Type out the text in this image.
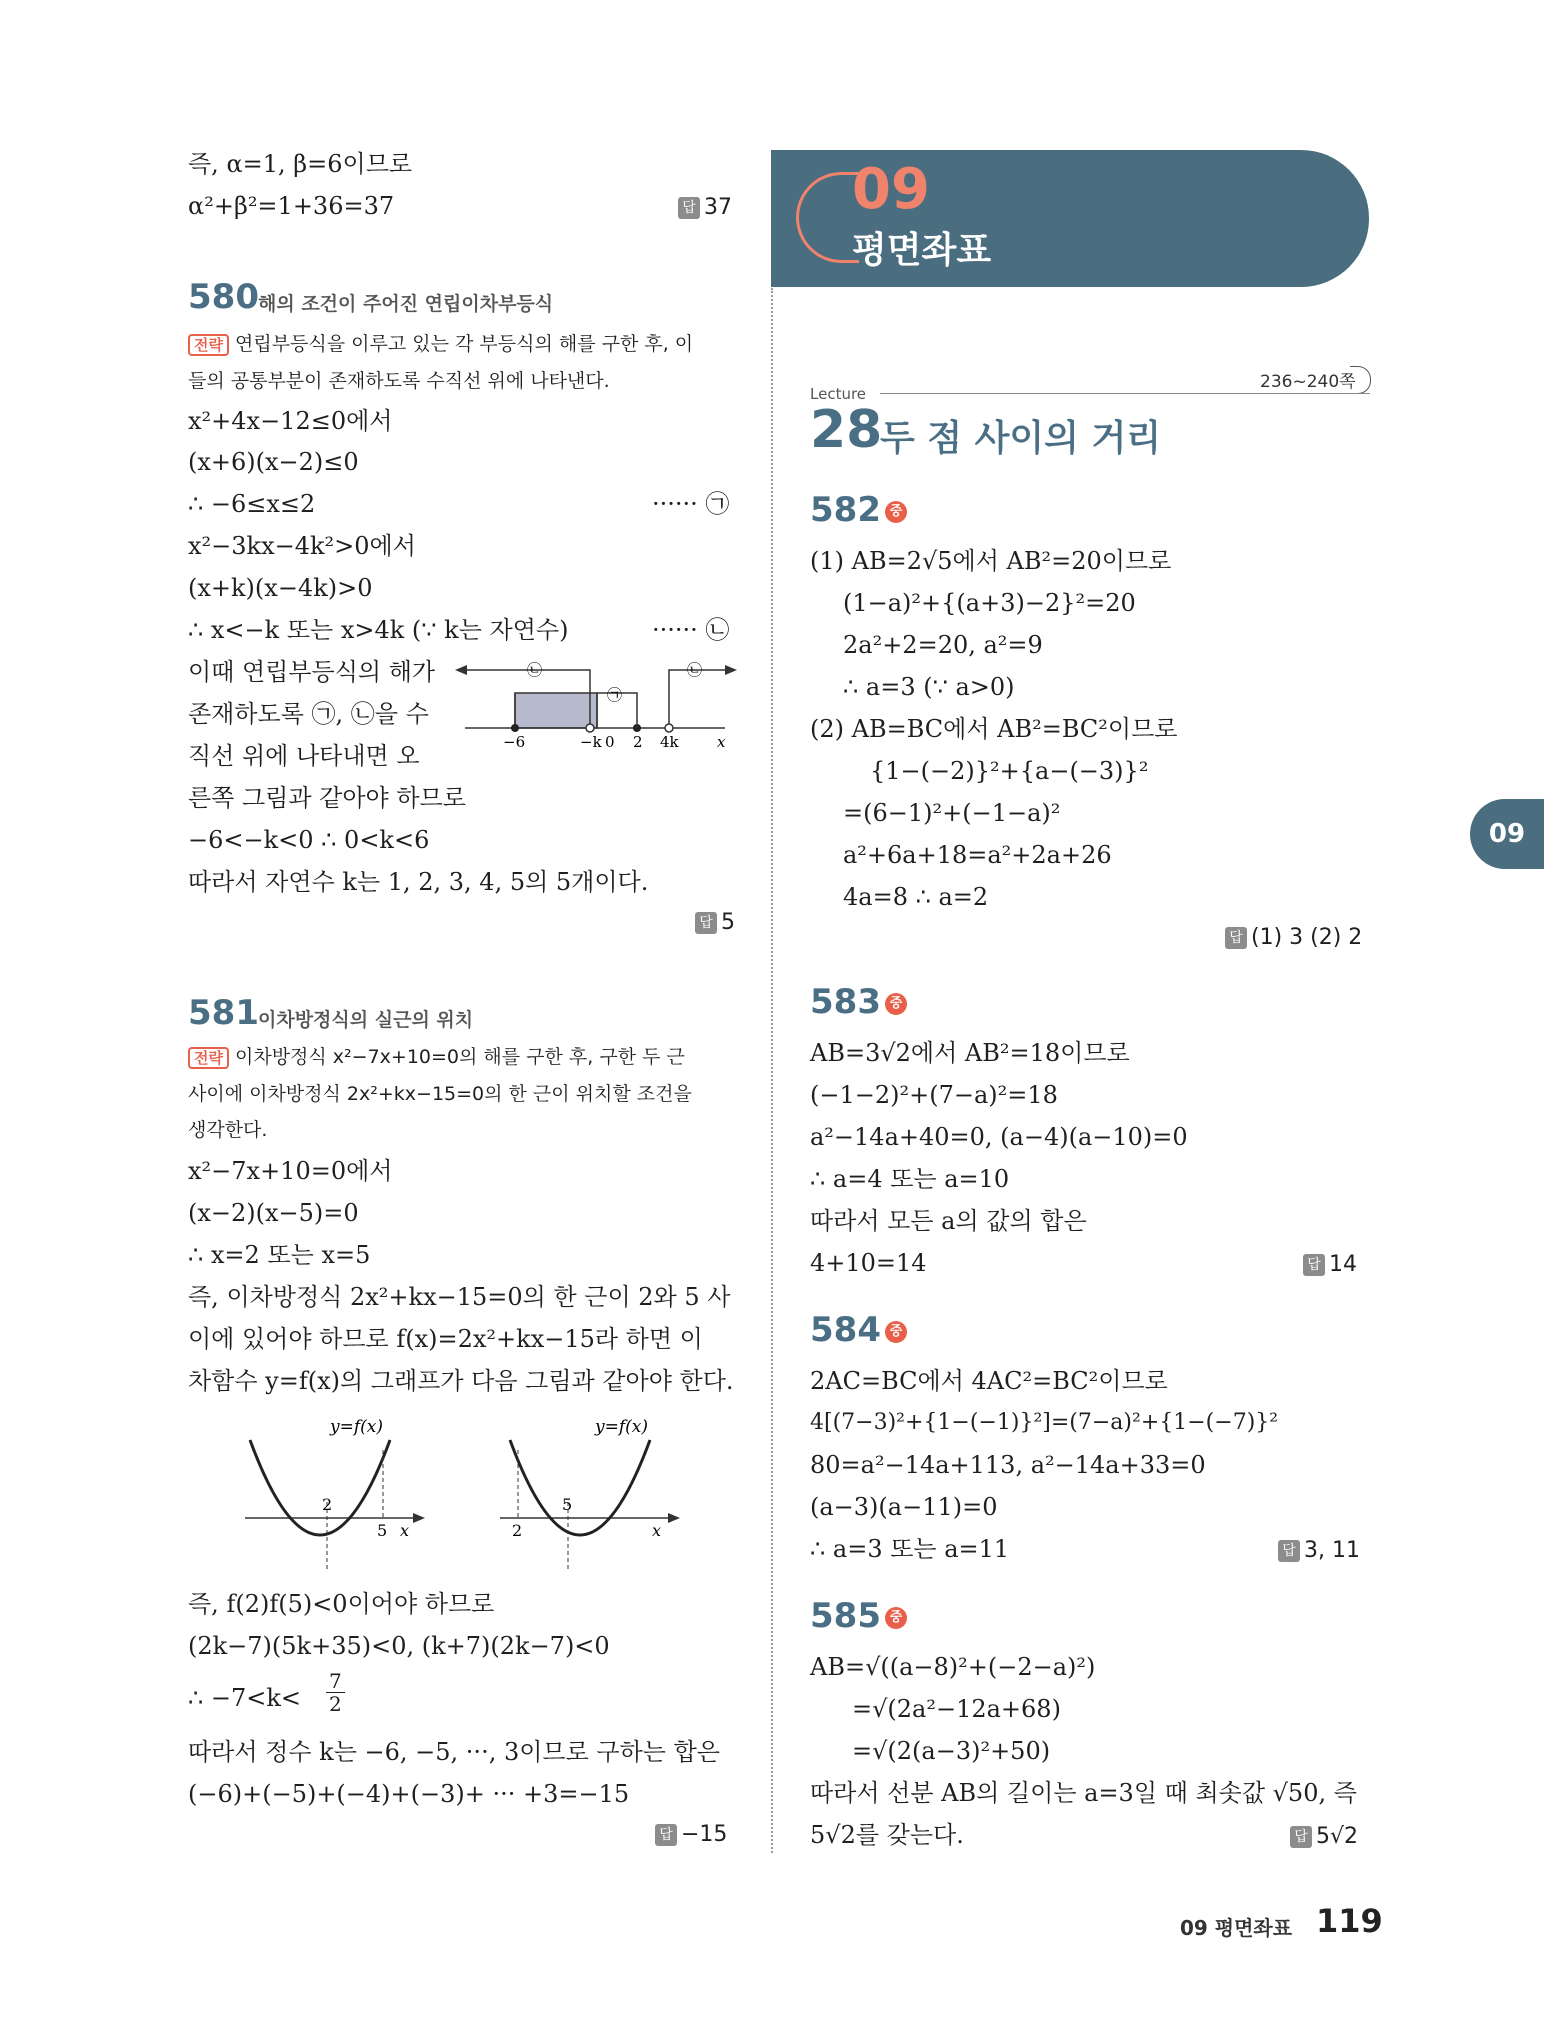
즉, α=1, β=6이므로
α²+β²=1+36=37	답 37
580 해의 조건이 주어진 연립이차부등식
전략 연립부등식을 이루고 있는 각 부등식의 해를 구한 후, 이
들의 공통부분이 존재하도록 수직선 위에 나타낸다.
x²+4x−12≤0에서
(x+6)(x−2)≤0
∴ −6≤x≤2	······ ㉠
x²−3kx−4k²>0에서
(x+k)(x−4k)>0
∴ x<−k 또는 x>4k (∵ k는 자연수)	······ ㉡
이때 연립부등식의 해가
존재하도록 ㉠, ㉡을 수
직선 위에 나타내면 오
른쪽 그림과 같아야 하므로
−6<−k<0 ∴ 0<k<6
따라서 자연수 k는 1, 2, 3, 4, 5의 5개이다.
㉡
㉠
㉡
−6	−k 0 2 4k	x
답 5
581 이차방정식의 실근의 위치
전략 이차방정식 x²−7x+10=0의 해를 구한 후, 구한 두 근
사이에 이차방정식 2x²+kx−15=0의 한 근이 위치할 조건을
생각한다.
x²−7x+10=0에서
(x−2)(x−5)=0
∴ x=2 또는 x=5
즉, 이차방정식 2x²+kx−15=0의 한 근이 2와 5 사
이에 있어야 하므로 f(x)=2x²+kx−15라 하면 이
차함수 y=f(x)의 그래프가 다음 그림과 같아야 한다.
y=f(x)
2
5 x
y=f(x)
2
5
x
즉, f(2)f(5)<0이어야 하므로
(2k−7)(5k+35)<0, (k+7)(2k−7)<0
∴ $-7<k< \frac{7}{2}$
따라서 정수 k는 −6, −5, ···, 3이므로 구하는 합은
(−6)+(−5)+(−4)+(−3)+ ··· +3=−15
답 −15
09
평면좌표
236~240쪽
Lecture
28
두 점 사이의 거리
09
582 중
(1) AB=2√5에서 AB²=20이므로
(1−a)²+{(a+3)−2}²=20
2a²+2=20, a²=9
∴ a=3 (∵ a>0)
(2) AB=BC에서 AB²=BC²이므로
{1−(−2)}²+{a−(−3)}²
=(6−1)²+(−1−a)²
a²+6a+18=a²+2a+26
4a=8 ∴ a=2
답 (1) 3 (2) 2
583 중
AB=3√2에서 AB²=18이므로
(−1−2)²+(7−a)²=18
a²−14a+40=0, (a−4)(a−10)=0
∴ a=4 또는 a=10
따라서 모든 a의 값의 합은
4+10=14	답 14
584 중
2AC=BC에서 4AC²=BC²이므로
4[(7−3)²+{1−(−1)}²]=(7−a)²+{1−(−7)}²
80=a²−14a+113, a²−14a+33=0
(a−3)(a−11)=0
∴ a=3 또는 a=11	답 3, 11
585 중
AB=√((a−8)²+(−2−a)²)
=√(2a²−12a+68)
=√(2(a−3)²+50)
따라서 선분 AB의 길이는 a=3일 때 최솟값 √50, 즉
5√2를 갖는다.	답 5√2
09 평면좌표 119
